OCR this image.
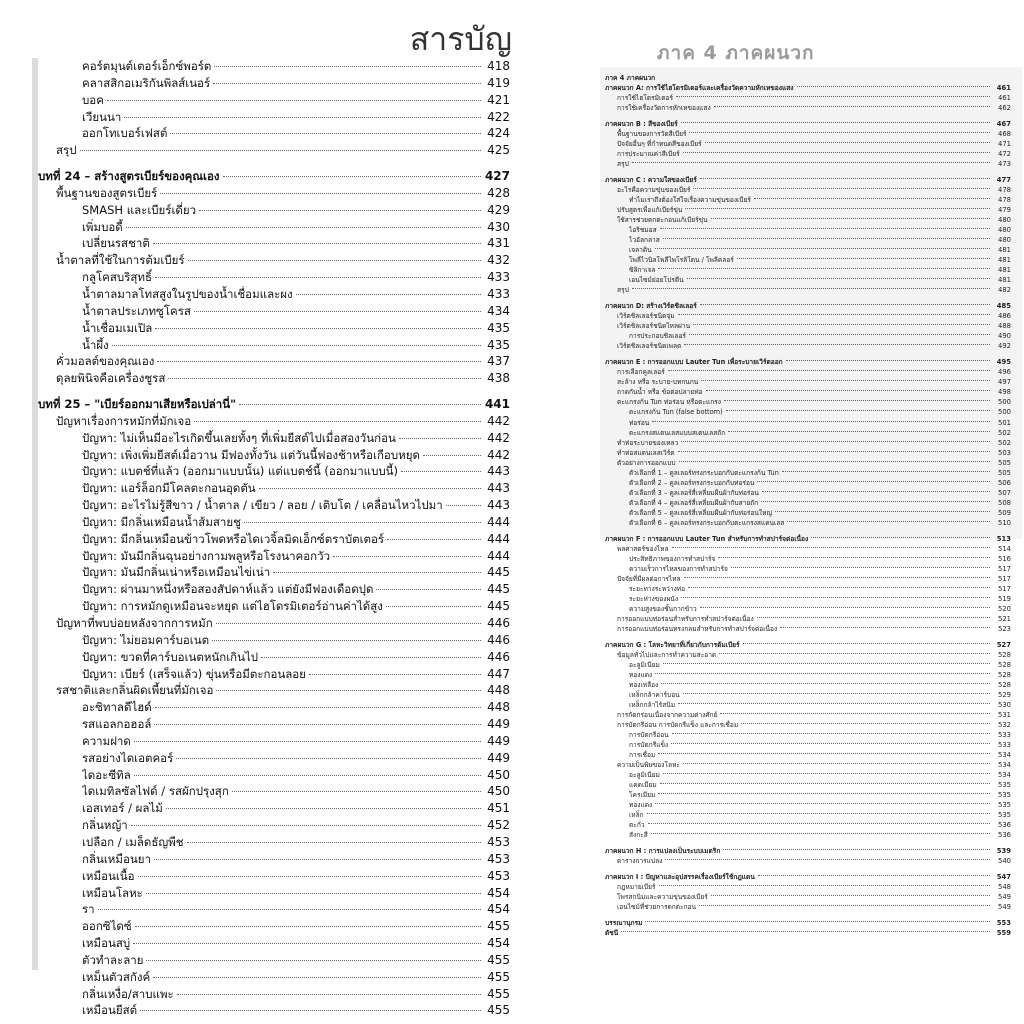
สารบัญ
คอร์ตมุนต์เตอร์เอ็กซ์พอร์ต	418
คลาสสิกอเมริกันพิลส์เนอร์	419
บอค	421
เวียนนา	422
ออกโทเบอร์เฟสต์	424
สรุป	425
บทที่ 24 – สร้างสูตรเบียร์ของคุณเอง	427
พื้นฐานของสูตรเบียร์	428
SMASH และเบียร์เดี่ยว	429
เพิ่มบอดี้	430
เปลี่ยนรสชาติ	431
น้ำตาลที่ใช้ในการต้มเบียร์	432
กลูโคสบริสุทธิ์	433
น้ำตาลมาลโทสสูงในรูปของน้ำเชื่อมและผง	433
น้ำตาลประเภทซูโครส	434
น้ำเชื่อมเมเปิล	435
น้ำผึ้ง	435
คั่วมอลต์ของคุณเอง	437
ดุลยพินิจคือเครื่องชูรส	438
บทที่ 25 – "เบียร์ออกมาเสียหรือเปล่านี่"	441
ปัญหาเรื่องการหมักที่มักเจอ	442
ปัญหา: ไม่เห็นมีอะไรเกิดขึ้นเลยทั้งๆ ที่เพิ่มยีสต์ไปเมื่อสองวันก่อน	442
ปัญหา: เพิ่งเพิ่มยีสต์เมื่อวาน มีฟองทั้งวัน แต่วันนี้ฟองช้าหรือเกือบหยุด	442
ปัญหา: แบตช์ที่แล้ว (ออกมาแบบนั้น) แต่แบตช์นี้ (ออกมาแบบนี้)	443
ปัญหา: แอร์ล็อกมีโคลตะกอนอุดตัน	443
ปัญหา: อะไรไม่รู้สีขาว / น้ำตาล / เขียว / ลอย / เติบโต / เคลื่อนไหวไปมา	443
ปัญหา: มีกลิ่นเหมือนน้ำส้มสายชู	444
ปัญหา: มีกลิ่นเหมือนข้าวโพดหรือไดเวจิ้ลมิดเอ็กซ์ตราบัตเตอร์	444
ปัญหา: มันมีกลิ่นฉุนอย่างกามพลูหรือโรงนาคอกวัว	444
ปัญหา: มันมีกลิ่นเน่าหรือเหมือนไข่เน่า	445
ปัญหา: ผ่านมาหนึ่งหรือสองสัปดาห์แล้ว แต่ยังมีฟองเดือดปุด	445
ปัญหา: การหมักดูเหมือนจะหยุด แต่ไฮโดรมิเตอร์อ่านค่าได้สูง	445
ปัญหาที่พบบ่อยหลังจากการหมัก	446
ปัญหา: ไม่ยอมคาร์บอเนต	446
ปัญหา: ขวดที่คาร์บอเนตหนักเกินไป	446
ปัญหา: เบียร์ (เสร็จแล้ว) ขุ่นหรือมีตะกอนลอย	447
รสชาติและกลิ่นผิดเพี้ยนที่มักเจอ	448
อะซิทาลดีไฮด์	448
รสแอลกอฮอล์	449
ความฝาด	449
รสอย่างไดเอตคอร์	449
ไดอะซีทิล	450
ไดเมทิลซัลไฟด์ / รสผักปรุงสุก	450
เอสเทอร์ / ผลไม้	451
กลิ่นหญ้า	452
เปลือก / เมล็ดธัญพืช	453
กลิ่นเหมือนยา	453
เหมือนเนื้อ	453
เหมือนโลหะ	454
รา	454
ออกซิไดซ์	455
เหมือนสบู่	454
ตัวทำละลาย	455
เหม็นตัวสกังค์	455
กลิ่นเหงื่อ/สาบแพะ	455
เหมือนยีสต์	455
ภาค 4 ภาคผนวก
ภาค 4 ภาคผนวก
ภาคผนวก A: การใช้ไฮโดรมิเตอร์และเครื่องวัดความหักเหของแสง	461
การใช้ไฮโดรมิเตอร์	461
การใช้เครื่องวัดการหักเหของแสง	462
ภาคผนวก B : สีของเบียร์	467
พื้นฐานของการวัดสีเบียร์	468
ปัจจัยอื่นๆ ที่กำหนดสีของเบียร์	471
การประมาณค่าสีเบียร์	472
สรุป	473
ภาคผนวก C : ความใสของเบียร์	477
อะไรคือความขุ่นของเบียร์	478
ทำไมเราถึงต้องใส่ใจเรื่องความขุ่นของเบียร์	478
ปรับสูตรเพื่อแก้เบียร์ขุ่น	479
ใช้สารช่วยตกตะกอนแก้เบียร์ขุ่น	480
ไอริชมอส	480
ไวอัลกลาส	480
เจลาติน	481
โพลีไวนิลโพลีไพโรลิโดน / โพลีคลอร์	481
ซิลิกาเจล	481
เอนไซม์ย่อยโปรตีน	481
สรุป	482
ภาคผนวก D: สร้างเวิร์ตชิลเลอร์	485
เวิร์ตชิลเลอร์ชนิดจุ่ม	486
เวิร์ตชิลเลอร์ชนิดไหลผ่าน	488
การประกอบชิลเลอร์	490
เวิร์ตชิลเลอร์ชนิดเพลต	492
ภาคผนวก E : การออกแบบ Lauter Tun เพื่อระบายเวิร์ตออก	495
การเลือกคูลเลอร์	496
สะล้าง หรือ ระบาย-บทกนกน	497
ถาดกันน้ำ หรือ ข้อต่อปลายท่อ	498
ตะแกรงก้น Tun ท่อร่อน หรือตะแกรง	500
ตะแกรงก้น Tun (false bottom)	500
ท่อร่อน	501
ตะแกรงสแตนเลสแบบสเตนเลสถัก	502
ทำท่อระบายของเหลว	502
ทำท่อสแตนเลสเวิร์ต	503
ตัวอย่างการออกแบบ	505
ตัวเลือกที่ 1 – คูลเลอร์ทรงกระบอกกับตะแกรงก้น Tun	505
ตัวเลือกที่ 2 – คูลเลอร์ทรงกระบอกกับท่อร่อน	506
ตัวเลือกที่ 3 – คูลเลอร์สี่เหลี่ยมผืนผ้ากับท่อร่อน	507
ตัวเลือกที่ 4 – คูลเลอร์สี่เหลี่ยมผืนผ้ากับสายถัก	508
ตัวเลือกที่ 5 – คูลเลอร์สี่เหลี่ยมผืนผ้ากับท่อร่อนใหญ่	509
ตัวเลือกที่ 6 – คูลเลอร์ทรงกระบอกกับตะแกรงสแตนเลส	510
ภาคผนวก F : การออกแบบ Lauter Tun สำหรับการทำสปาร์จต่อเนื่อง	513
พลศาสตร์ของไหล	514
ประสิทธิภาพของการทำสปาร์จ	516
ความเร็วการไหลของการทำสปาร์จ	517
ปัจจัยที่มีผลต่อการไหล	517
ระยะทางระหว่างท่อ	517
ระยะห่างของผนัง	519
ความสูงของชั้นกากข้าว	520
การออกแบบท่อร่อนสำหรับการทำสปาร์จต่อเนื่อง	521
การออกแบบท่อร่อนทรงกลมสำหรับการทำสปาร์จต่อเนื่อง	523
ภาคผนวก G : โลหะวิทยาที่เกี่ยวกับการต้มเบียร์	527
ข้อมูลทั่วไปและการทำความสะอาด	528
อะลูมิเนียม	528
ทองแดง	528
ทองเหลือง	528
เหล็กกล้าคาร์บอน	529
เหล็กกล้าไร้สนิม	530
การกัดกร่อนเนื่องจากความต่างศักย์	531
การบัดกรีอ่อน การบัดกรีแข็ง และการเชื่อม	532
การบัดกรีอ่อน	533
การบัดกรีแข็ง	533
การเชื่อม	534
ความเป็นพิษของโลหะ	534
อะลูมิเนียม	534
แคดเมียม	535
โครเมียม	535
ทองแดง	535
เหล็ก	535
ตะกั่ว	536
สังกะสี	536
ภาคผนวก H : การแปลงเป็นระบบเมตริก	539
ตารางการแปลง	540
ภาคผนวก I : ปัญหาและอุปสรรคเรื่องเบียร์ใช้กฎแดน	547
กฎหมายเบียร์	548
โพรสกนิมและความขุ่นของเบียร์	549
เอนไซม์ที่ช่วยการตกตะกอน	549
บรรณานุกรม	553
ดัชนี	559
